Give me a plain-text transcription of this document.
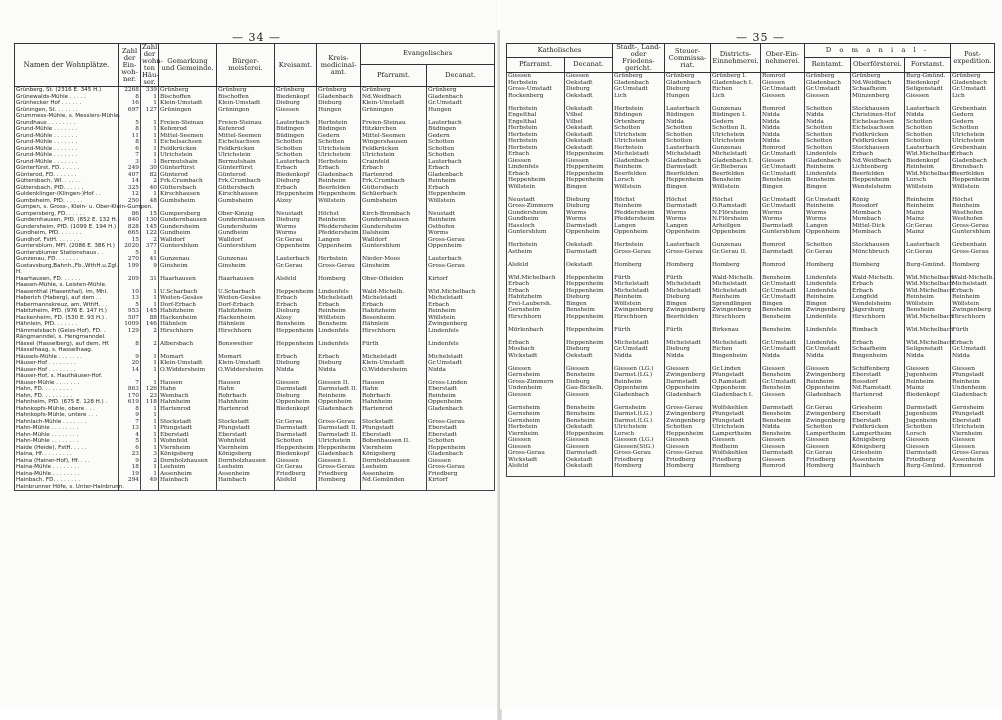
— 34 —
Namen der Wohnplätze.	Zahl der Ein- woh- ner.	Zahl der wohn- ten Häu- ser.	Gemarkung und Gemeinde.	Bürger- meisterei.	Kreisamt.	Kreis- medicinal- amt.	Evangelisches	
							Pfarramt.	Decanat.
Grünberg, St. (2316 E. 345 H.)	2268	339	Grünberg	Grünberg	Grünberg	Grünberg	Grünberg	Grünberg
Grünewalds-Mühle . . . . .	8	1	Bischoffen	Bischoffen	Biedenkopf	Gladenbach	Nd.Weidbach	Gladenbach
Grünhecker Hof . . . . . .	16	1	Klein-Umstadt	Klein-Umstadt	Dieburg	Dieburg	Klein-Umstadt	Gr.Umstadt
Grüningen, St. . . . . . .	697	127	Grüningen	Grüningen	Giessen	Hungen	Grüningen	Hungen
Grummess-Mühle, s. Messlers-Mühle.								
Grundhaus . . . . . . . .	5	1	Freien-Steinau	Freien-Steinau	Lauterbach	Herbstein	Freien-Steinau	Lauterbach
Grund-Mühle . . . . . . .	8	1	Kefenrod	Kefenrod	Büdingen	Büdingen	Hitzkirchen	Büdingen
Grund-Mühle . . . . . . .	11	1	Mittel-Seemen	Mittel-Seemen	Büdingen	Gedern	Mittel-Seemen	Gedern
Grund-Mühle . . . . . . .	8	1	Eichelsachsen	Eichelsachsen	Schotten	Schotten	Wingershausen	Schotten
Grund-Mühle . . . . . . .	6	1	Feldkrücken	Feldkrücken	Schotten	Ulrichstein	Feldkrücken	Schotten
Grund-Mühle . . . . . . .	7	1	Ulrichstein	Ulrichstein	Schotten	Ulrichstein	Ulrichstein	Schotten
Grund-Mühle . . . . . . .	3	1	Bermutshain	Bermutshain	Lauterbach	Herbstein	Crainfeld	Lauterbach
Günterfürst, FD. . . . . .	249	30	Günterfürst	Günterfürst	Erbach	Erbach	Erbach	Erbach
Günterod, FD. . . . . . .	407	82	Günterod	Günterod	Biedenkopf	Gladenbach	Hartenrod	Gladenbach
Güttersbach, WI. . . . . .	14	2	Frk.Crumbach	Frk.Crumbach	Dieburg	Reinheim	Frk.Crumbach	Reinheim
Güttersbach, PfD. . . . . .	325	40	Güttersbach	Güttersbach	Erbach	Beerfelden	Güttersbach	Erbach
Guldenklinger-(Klingen-)Hof . .	12	1	Kirschhausen	Kirschhausen	Heppenheim	Heppenheim	Schlierbach	Heppenheim
Gumbsheim, PfD. . . . . .	250	48	Gumbsheim	Gumbsheim	Alzey	Wöllstein	Gumbsheim	Wöllstein
Gumpen, s. Gross-, Klein- u. Ober-Klein-Gumpen.								
Gumpersberg, FD. . . . . .	86	15	Gumpersberg	Ober-Kinzig	Neustadt	Höchst	Kirch-Brombach	Neustadt
Gundernhausen, PfD. (852 E. 132 H.)	840	130	Gundernhausen	Gundernhausen	Dieburg	Reinheim	Gundernhausen	Reinheim
Gundersheim, PfD. (1099 E. 194 H.)	828	145	Gundersheim	Gundersheim	Worms	Pfeddersheim	Gundersheim	Osthofen
Gundheim, PfD. . . . . . .	665	122	Gundheim	Gundheim	Worms	Pfeddersheim	Dalsheim	Worms
Gundhof, FstH. . . . . . .	15	2	Walldorf	Walldorf	Gr.Gerau	Langen	Walldorf	Gross-Gerau
Guntersblum, MFl. (2086 E. 386 H.)	2020	377	Guntersblum	Guntersblum	Oppenheim	Oppenheim	Guntersblum	Oppenheim
Guntersblumer Stationshaus . .	5	1						
Gunzenau, FD. . . . . . .	270	41	Gunzenau	Gunzenau	Lauterbach	Herbstein	Nieder-Moos	Lauterbach
Gustavsburg,Bahnh.,Fb.,WthH.u.Zgl.	199	9	Ginsheim	Ginsheim	Gr.Gerau	Gross-Gerau	Ginsheim	Gross-Gerau
H.								
Haarhausen, FD. . . . . .	209	31	Haarhausen	Haarhausen	Alsfeld	Homberg	Ober-Ofleiden	Kirtorf
Haasen-Mühle, s. Leisten-Mühle.								
Haasenthal (Hasenthal), im, Mhl.	10	1	U.Scharbach	U.Scharbach	Heppenheim	Lindenfels	Wald-Michelb.	Wld.Michelbach
Haberich (Haberg), auf dem . .	13	1	Weiten-Gesäss	Weiten-Gesäss	Erbach	Michelstadt	Michelstadt	Michelstadt
Habermannskreuz, am, WthH. . .	5	1	Dorf-Erbach	Dorf-Erbach	Erbach	Erbach	Erbach	Erbach
Habitzheim, PfD. (976 E. 147 H.)	953	145	Habitzheim	Habitzheim	Dieburg	Reinheim	Habitzheim	Reinheim
Hackenheim, FD. (530 E. 93 H.) .	507	88	Hackenheim	Hackenheim	Alzey	Wöllstein	Bosenheim	Wöllstein
Hähnlein, PfD. . . . . . .	1009	146	Hähnlein	Hähnlein	Bensheim	Bensheim	Hähnlein	Zwingenberg
Hämmelsbach (Geiss-Hof), FD. .	129	2	Hirschhorn	Hirschhorn	Heppenheim	Lindenfels	Hirschhorn	Lindenfels
Rängmanndel, s. Hengmanndel.								
Hässel (Hasselberg), auf dem, Hf.	8	2	Albersbach	Bonsweiher	Heppenheim	Lindenfels	Fürth	Lindenfels
Hässelhaag, s. Hasselhaag.								
Häusels-Mühle . . . . . . .	9	1	Momart	Momart	Erbach	Erbach	Michelstadt	Michelstadt
Häuser-Hof . . . . . . . .	20	1	Klein-Umstadt	Klein-Umstadt	Dieburg	Dieburg	Klein-Umstadt	Gr.Umstadt
Häuser-Hof . . . . . . . .	14	1	O.Widdersheim	O.Widdersheim	Nidda	Nidda	O.Widdersheim	Nidda
Häuser-Hof, s. Hauthäuser-Hof.								
Häuser-Mühle . . . . . . .	7	1	Hausen	Hausen	Giessen	Giessen II.	Hausen	Gross-Linden
Hahn, FD. . . . . . . . .	863	126	Hahn	Hahn	Darmstadt	Darmstadt II.	Hahn	Eberstadt
Hahn, FD. . . . . . . . .	170	23	Wembach	Rohrbach	Dieburg	Reinheim	Rohrbach	Reinheim
Hahnheim, PfD. (675 E. 128 H.) .	619	118	Hahnheim	Hahnheim	Oppenheim	Oppenheim	Hahnheim	Oppenheim
Hahnkopfs-Mühle, obere . . .	8	1	Hartenrod	Hartenrod	Biedenkopf	Gladenbach	Hartenrod	Gladenbach
Hahnkopfs-Mühle, untere . . .	9	1						
Hahnlach-Mühle . . . . . . .	7	1	Stockstadt	Stockstadt	Gr.Gerau	Gross-Gerau	Stockstadt	Gross-Gerau
Hahn-Mühle . . . . . . . .	13	1	Pfungstadt	Pfungstadt	Darmstadt	Darmstadt II.	Pfungstadt	Eberstadt
Hahn-Mühle . . . . . . . .	4	1	Eberstadt	Eberstadt	Darmstadt	Darmstadt II.	Eberstadt	Eberstadt
Hahn-Mühle . . . . . . . .	5	1	Wohnfeld	Wohnfeld	Schotten	Ulrichstein	Bobenhausen II.	Schotten
Haide (Heide), FstH. . . . .	6	1	Viernheim	Viernheim	Heppenheim	Heppenheim	Viernheim	Heppenheim
Haina, Hf. . . . . . . . .	23	3	Königsberg	Königsberg	Biedenkopf	Gladenbach	Königsberg	Gladenbach
Haina (Hainer-Hof), Hf. . . .	9	2	Dornholzhausen	Dornholzhausen	Giessen	Giessen I.	Dornholzhausen	Giessen
Haina-Mühle . . . . . . . .	18	1	Leeheim	Leeheim	Gr.Gerau	Gross-Gerau	Leeheim	Gross-Gerau
Haina-Mühle . . . . . . . .	19	1	Assenheim	Assenheim	Friedberg	Friedberg	Assenheim	Friedberg
Hainbach, FD. . . . . . . .	294	49	Hainbach	Hainbach	Alsfeld	Homberg	Nd.Gemünden	Kirtorf
Hainbrunner Höfe, s. Unter-Hainbrunn.								
— 35 —
Katholisches		Stadt-, Land- oder Friedens- gericht.	Steuer- Commissa- riat.	Districts- Einnehmerei.	Ober-Ein- nehmerei.	D o m a n i a l -			Post- expedition.
Pfarramt.	Decanat.					Rentamt.	Oberförsterei.	Forstamt.	
Giessen	Giessen	Grünberg	Grünberg	Grünberg I.	Romrod	Grünberg	Grünberg	Burg-Gmünd.	Grünberg
Herbstein	Oekstadt	Gladenbach	Gladenbach	Gladenbach I.	Giessen	Gladenbach	Nd.Weidbach	Biedenkopf	Gladenbach
Gross-Umstadt	Dieburg	Gr.Umstadt	Dieburg	Richen	Gr.Umstadt	Gr.Umstadt	Schaafheim	Seligenstadt	Gr.Umstadt
Rockenberg	Oekstadt	Lich	Hungen	Lich	Giessen	Giessen	Münzenberg	Giessen	Lich

Herbstein	Oekstadt	Herbstein	Lauterbach	Gunzenau	Romrod	Schotten	Stockhausen	Lauterbach	Grebenhain
Engelthal	Vilbel	Büdingen	Büdingen	Büdingen I.	Nidda	Nidda	Christinen-Hof	Nidda	Gedern
Engelthal	Vilbel	Ortenberg	Nidda	Gedern	Nidda	Nidda	Eichelsachsen	Schotten	Gedern
Herbstein	Oekstadt	Schotten	Schotten	Schotten II.	Nidda	Schotten	Eichelsachsen	Schotten	Schotten
Herbstein	Oekstadt	Ulrichstein	Schotten	Ulrichstein	Nidda	Schotten	Feldkrücken	Schotten	Ulrichstein
Herbstein	Oekstadt	Ulrichstein	Schotten	Ulrichstein	Nidda	Schotten	Feldkrücken	Schotten	Ulrichstein
Herbstein	Oekstadt	Herbstein	Lauterbach	Gunzenau	Romrod	Schotten	Stockhausen	Lauterbach	Grebenhain
Erbach	Heppenheim	Michelstadt	Michelstadt	Michelstadt	Gr.Umstadt	Lindenfels	Erbach	Wld.Michelbach	Erbach
Giessen	Giessen	Gladenbach	Gladenbach	Gladenbach I.	Giessen	Gladenbach	Nd.Weidbach	Biedenkopf	Gladenbach
Lindenfels	Heppenheim	Reinheim	Darmstadt	Gr.Bieberau	Gr.Umstadt	Reinheim	Lichtenberg	Reinheim	Brensbach
Erbach	Heppenheim	Beerfelden	Beerfelden	Beerfelden	Gr.Umstadt	Lindenfels	Beerfelden	Wld.Michelbach	Beerfelden
Heppenheim	Heppenheim	Lorsch	Heppenheim	Bensheim	Bensheim	Bensheim	Heppenheim	Lorsch	Heppenheim
Wöllstein	Bingen	Wöllstein	Bingen	Wöllstein	Bingen	Bingen	Wendelsheim	Wöllstein	Wöllstein

Neustadt	Dieburg	Höchst	Höchst	Höchst	Gr.Umstadt	Gr.Umstadt	König	Reinheim	Höchst
Gross-Zimmern	Dieburg	Reinheim	Darmstadt	O.Ramstadt	Gr.Umstadt	Reinheim	Rossdorf	Reinheim	Reinheim
Gundersheim	Worms	Pfeddersheim	Worms	N.Flörsheim	Worms	Worms	Mombach	Mainz	Westhofen
Gundheim	Worms	Pfeddersheim	Worms	N.Flörsheim	Worms	Worms	Mombach	Mainz	Westhofen
Hassloch	Darmstadt	Langen	Langen	Arheilgen	Darmstadt	Langen	Mittel-Dick	Gr.Gerau	Gross-Gerau
Guntersblum	Oppenheim	Oppenheim	Oppenheim	Oppenheim	Guntersblum	Oppenheim	Mombach	Mainz	Guntersblum

Herbstein	Oekstadt	Herbstein	Lauterbach	Gunzenau	Romrod	Schotten	Stockhausen	Lauterbach	Grebenhain
Astheim	Darmstadt	Gross-Gerau	Gross-Gerau	Gr.Gerau II.	Darmstadt	Gr.Gerau	Mönchbruch	Gr.Gerau	Gross-Gerau

Alsfeld	Oekstadt	Homberg	Homberg	Homberg	Romrod	Homberg	Homberg	Burg-Gmünd.	Homberg

Wld.Michelbach	Heppenheim	Fürth	Fürth	Wald-Michelb.	Bensheim	Lindenfels	Wald-Michelb.	Wld.Michelbach	Wald-Michelb.
Erbach	Heppenheim	Michelstadt	Michelstadt	Michelstadt	Gr.Umstadt	Lindenfels	Erbach	Wld.Michelbach	Michelstadt
Erbach	Heppenheim	Michelstadt	Michelstadt	Michelstadt	Gr.Umstadt	Lindenfels	Erbach	Wld.Michelbach	Erbach
Habitzheim	Dieburg	Reinheim	Dieburg	Reinheim	Gr.Umstadt	Reinheim	Lengfeld	Reinheim	Reinheim
Frei-Laubersh.	Bingen	Wöllstein	Bingen	Sprendlingen	Bingen	Bingen	Wendelsheim	Wöllstein	Wöllstein
Gernsheim	Bensheim	Zwingenberg	Zwingenberg	Zwingenberg	Bensheim	Zwingenberg	Jägersburg	Bensheim	Zwingenberg
Hirschhorn	Heppenheim	Hirschhorn	Beerfelden	Hirschhorn	Bensheim	Lindenfels	Hirschhorn	Wld.Michelbach	Hirschhorn

Mörlenbach	Heppenheim	Fürth	Fürth	Birkenau	Bensheim	Lindenfels	Rimbach	Wld.Michelbach	Fürth

Erbach	Heppenheim	Michelstadt	Michelstadt	Michelstadt	Gr.Umstadt	Lindenfels	Erbach	Wld.Michelbach	Erbach
Mosbach	Dieburg	Gr.Umstadt	Dieburg	Richen	Gr.Umstadt	Gr.Umstadt	Schaafheim	Seligenstadt	Gr.Umstadt
Wickstadt	Oekstadt	Nidda	Nidda	Bingenheim	Nidda	Nidda	Bingenheim	Nidda	Nidda

Giessen	Giessen	Giessen (LG.)	Giessen	Gr.Linden	Giessen	Giessen	Schiffenberg	Giessen	Giessen
Gernsheim	Bensheim	Darmst.(LG.)	Zwingenberg	Pfungstadt	Bensheim	Zwingenberg	Eberstadt	Jugenheim	Pfungstadt
Gross-Zimmern	Dieburg	Reinheim	Darmstadt	O.Ramstadt	Gr.Umstadt	Reinheim	Rossdorf	Reinheim	Reinheim
Undenheim	Gau-Bickelh.	Oppenheim	Oppenheim	Oppenheim	Bensheim	Oppenheim	Nd.Ramstadt	Mainz	Undenheim
Giessen	Giessen	Gladenbach	Gladenbach	Gladenbach I.	Giessen	Gladenbach	Hartenrod	Biedenkopf	Gladenbach

Gernsheim	Bensheim	Gernsheim	Gross-Gerau	Wolfskehlen	Darmstadt	Gr.Gerau	Griesheim	Darmstadt	Gernsheim
Gernsheim	Bensheim	Darmst.(LG.)	Zwingenberg	Pfungstadt	Bensheim	Zwingenberg	Eberstadt	Jugenheim	Pfungstadt
Gernsheim	Bensheim	Darmst.(LG.)	Zwingenberg	Pfungstadt	Bensheim	Zwingenberg	Eberstadt	Jugenheim	Eberstadt
Herbstein	Oekstadt	Ulrichstein	Schotten	Ulrichstein	Nidda	Schotten	Feldkrücken	Schotten	Ulrichstein
Viernheim	Heppenheim	Lorsch	Heppenheim	Lampertheim	Bensheim	Lampertheim	Lampertheim	Lorsch	Viernheim
Giessen	Giessen	Giessen (LG.)	Giessen	Giessen	Giessen	Giessen	Königsberg	Giessen	Giessen
Giessen	Giessen	Giessen(StG.)	Giessen	Rodheim	Giessen	Giessen	Königsberg	Giessen	Giessen
Gross-Gerau	Darmstadt	Gross-Gerau	Gross-Gerau	Wolfskehlen	Darmstadt	Gr.Gerau	Griesheim	Darmstadt	Gross-Gerau
Wickstadt	Oekstadt	Friedberg	Friedberg	Friedberg	Giessen	Friedberg	Assenheim	Friedberg	Assenheim
Alsfeld	Oekstadt	Homberg	Homberg	Homberg	Romrod	Homberg	Hainbach	Burg-Gmünd.	Ermenrod
